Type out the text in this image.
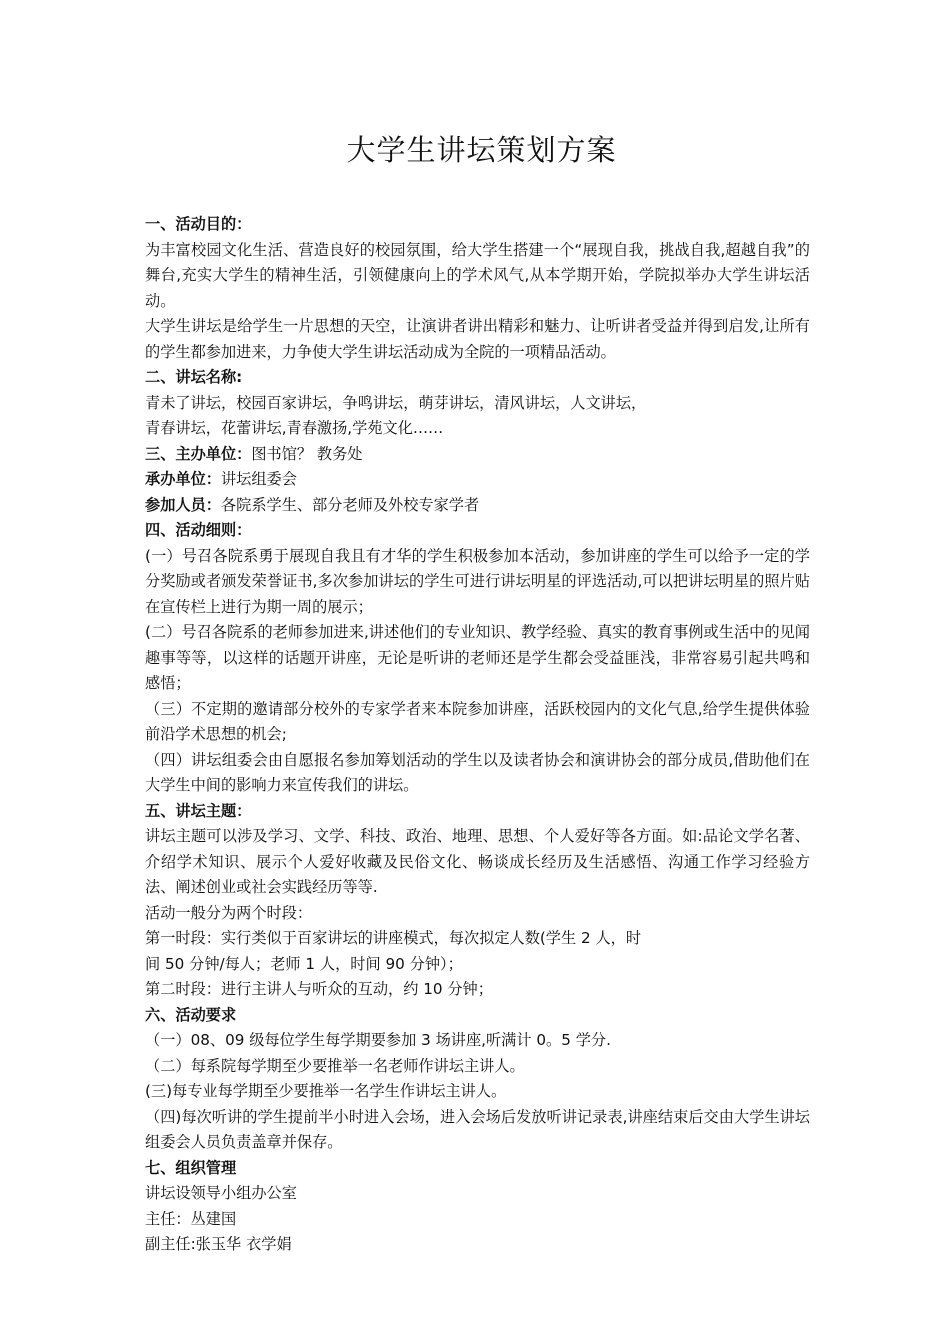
大学生讲坛策划方案

一、活动目的：

为丰富校园文化生活、营造良好的校园氛围，给大学生搭建一个“展现自我，挑战自我,超越自我”的舞台,充实大学生的精神生活，引领健康向上的学术风气,从本学期开始，学院拟举办大学生讲坛活动。

大学生讲坛是给学生一片思想的天空，让演讲者讲出精彩和魅力、让听讲者受益并得到启发,让所有的学生都参加进来，力争使大学生讲坛活动成为全院的一项精品活动。

二、讲坛名称:

青未了讲坛，校园百家讲坛，争鸣讲坛，萌芽讲坛，清风讲坛，人文讲坛，

青春讲坛，花蕾讲坛,青春激扬,学苑文化……

三、主办单位：图书馆？ 教务处

承办单位：讲坛组委会

参加人员：各院系学生、部分老师及外校专家学者

四、活动细则：

(一）号召各院系勇于展现自我且有才华的学生积极参加本活动，参加讲座的学生可以给予一定的学分奖励或者颁发荣誉证书,多次参加讲坛的学生可进行讲坛明星的评选活动,可以把讲坛明星的照片贴在宣传栏上进行为期一周的展示；

(二）号召各院系的老师参加进来,讲述他们的专业知识、教学经验、真实的教育事例或生活中的见闻趣事等等，以这样的话题开讲座，无论是听讲的老师还是学生都会受益匪浅，非常容易引起共鸣和感悟；

（三）不定期的邀请部分校外的专家学者来本院参加讲座，活跃校园内的文化气息,给学生提供体验前沿学术思想的机会;

（四）讲坛组委会由自愿报名参加筹划活动的学生以及读者协会和演讲协会的部分成员,借助他们在大学生中间的影响力来宣传我们的讲坛。

五、讲坛主题：

讲坛主题可以涉及学习、文学、科技、政治、地理、思想、个人爱好等各方面。如:品论文学名著、介绍学术知识、展示个人爱好收藏及民俗文化、畅谈成长经历及生活感悟、沟通工作学习经验方法、阐述创业或社会实践经历等等.

活动一般分为两个时段：

第一时段：实行类似于百家讲坛的讲座模式，每次拟定人数(学生 2 人，时

间 50 分钟/每人；老师 1 人，时间 90 分钟）；

第二时段：进行主讲人与听众的互动，约 10 分钟；

六、活动要求

（一）08、09 级每位学生每学期要参加 3 场讲座,听满计 0。5 学分.

（二）每系院每学期至少要推举一名老师作讲坛主讲人。

(三)每专业每学期至少要推举一名学生作讲坛主讲人。

（四)每次听讲的学生提前半小时进入会场，进入会场后发放听讲记录表,讲座结束后交由大学生讲坛组委会人员负责盖章并保存。

七、组织管理

讲坛设领导小组办公室

主任：丛建国

副主任:张玉华 衣学娟
